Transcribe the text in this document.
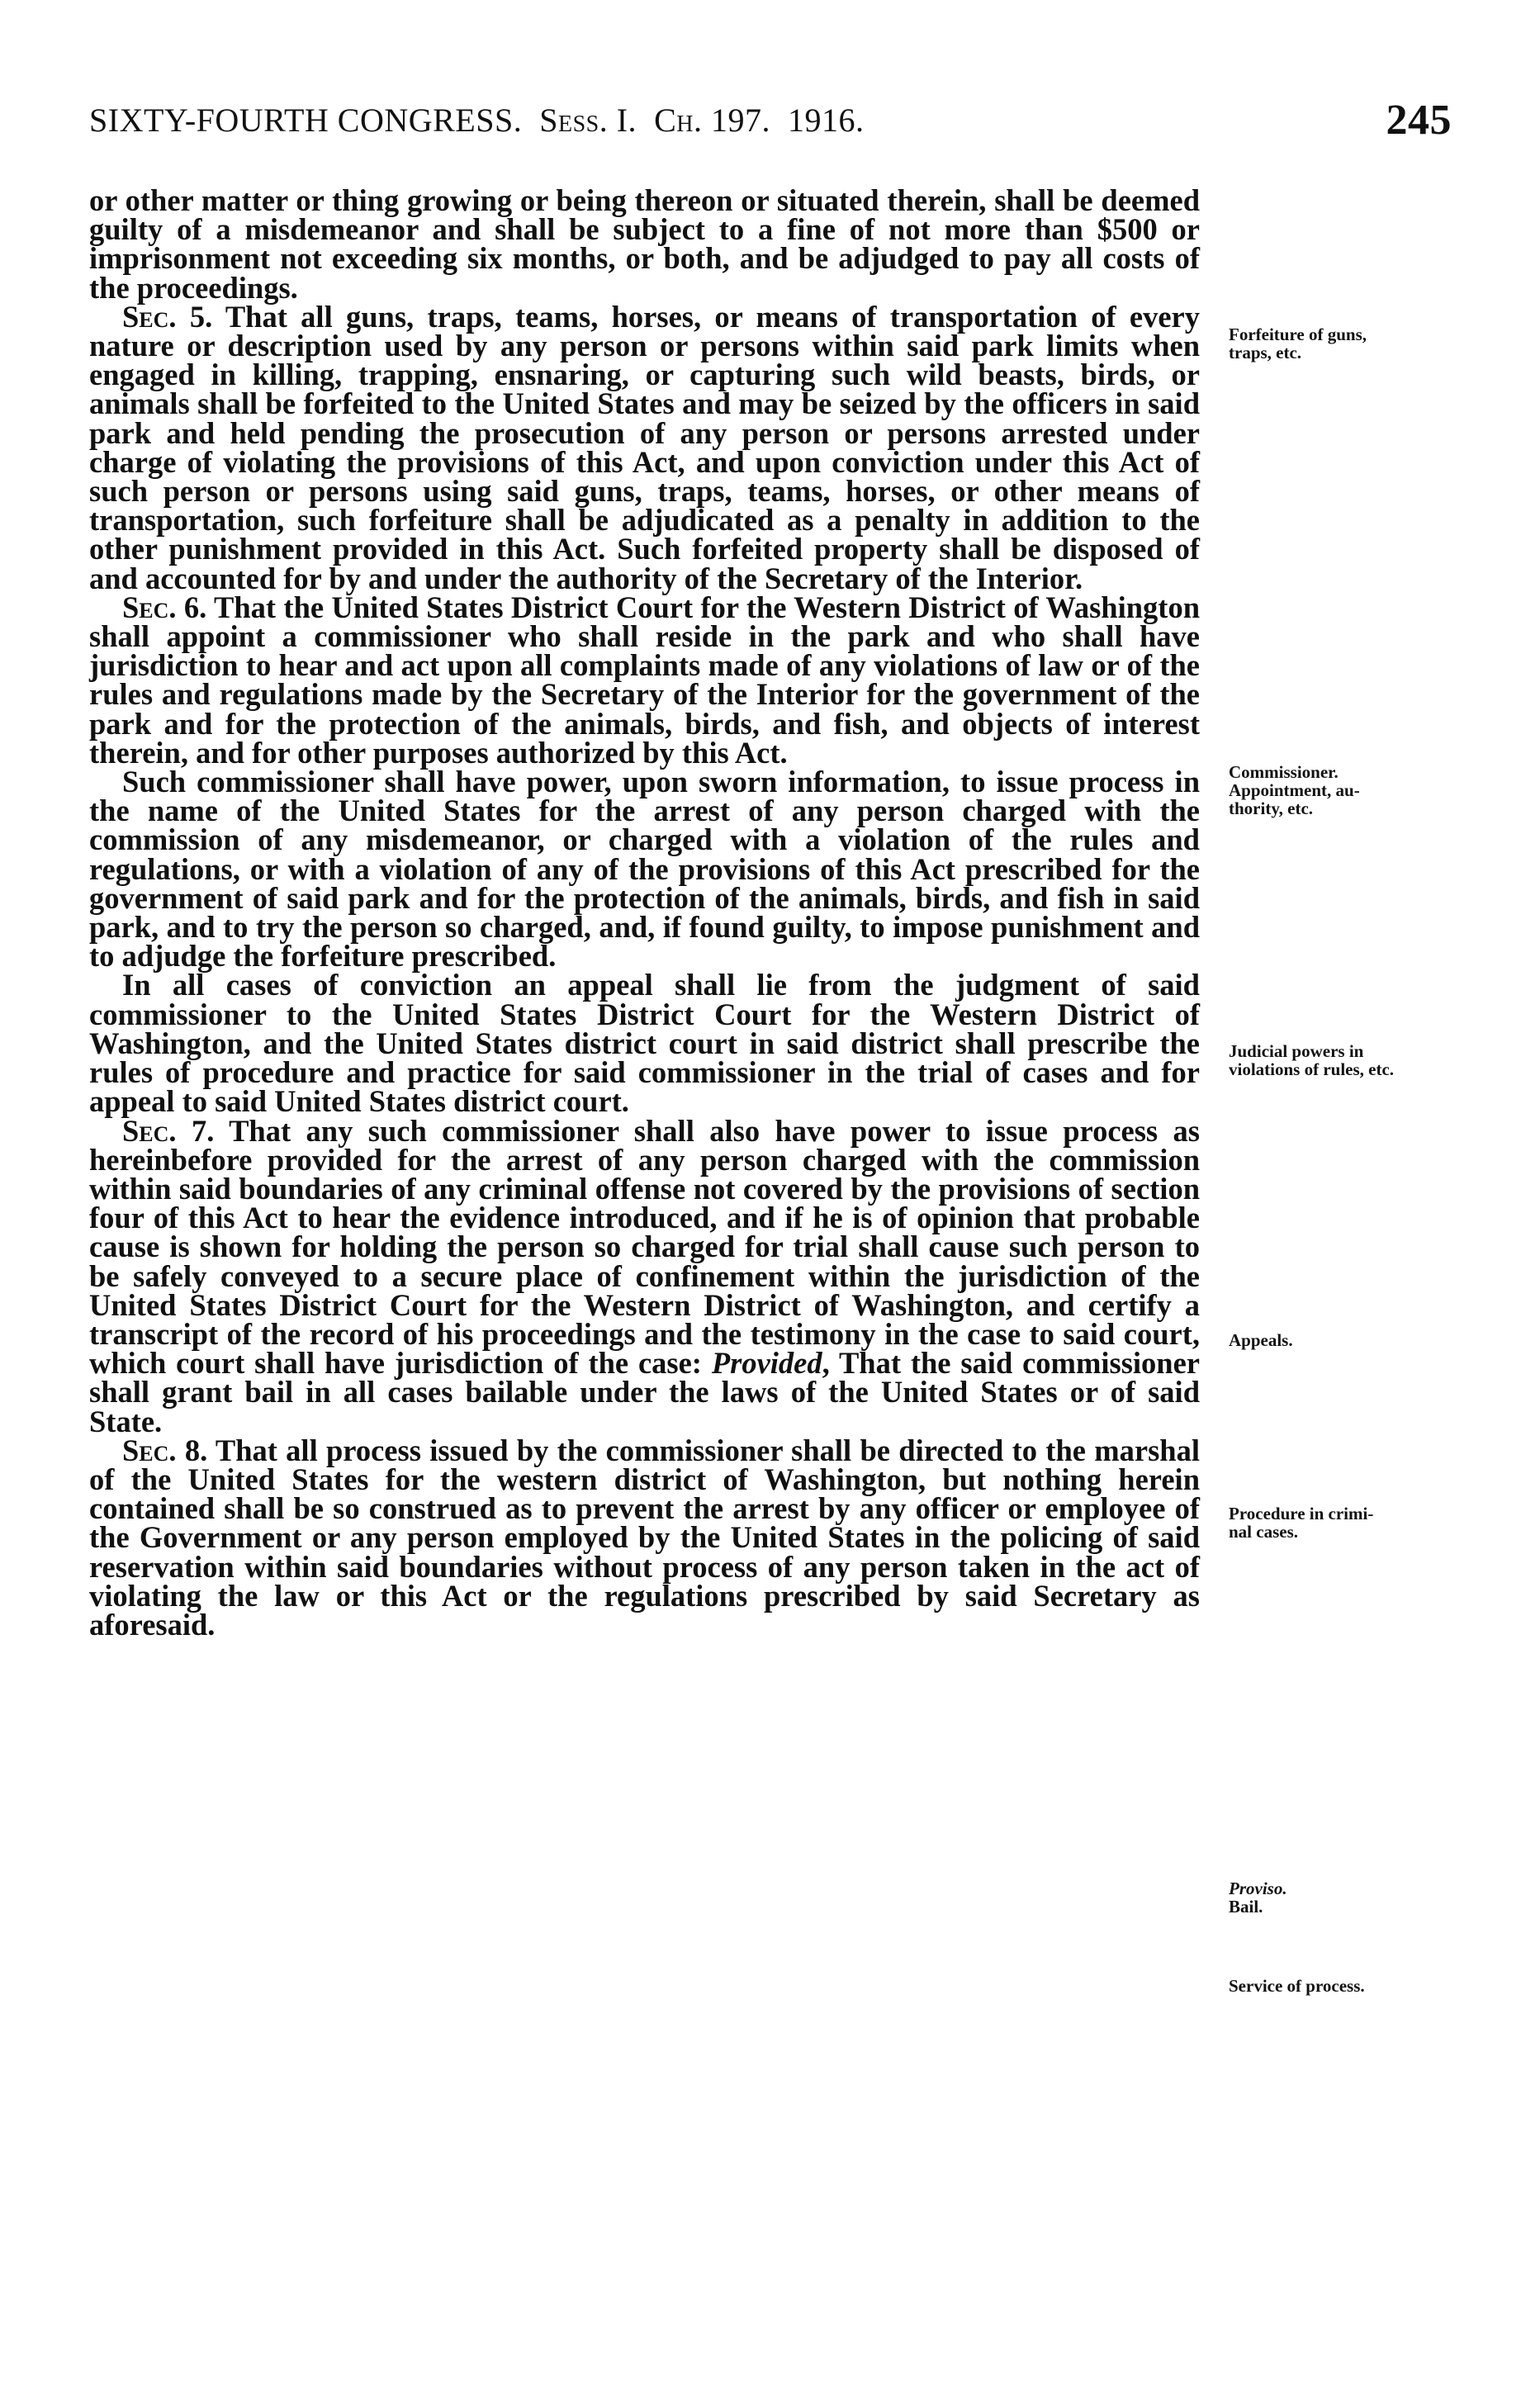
SIXTY-FOURTH CONGRESS. Sess. I. Ch. 197. 1916.	245

or other matter or thing growing or being thereon or situated therein, shall be deemed guilty of a misdemeanor and shall be subject to a fine of not more than $500 or imprisonment not exceeding six months, or both, and be adjudged to pay all costs of the proceedings.

Sec. 5. That all guns, traps, teams, horses, or means of transportation of every nature or description used by any person or persons within said park limits when engaged in killing, trapping, ensnaring, or capturing such wild beasts, birds, or animals shall be forfeited to the United States and may be seized by the officers in said park and held pending the prosecution of any person or persons arrested under charge of violating the provisions of this Act, and upon conviction under this Act of such person or persons using said guns, traps, teams, horses, or other means of transportation, such forfeiture shall be adjudicated as a penalty in addition to the other punishment provided in this Act. Such forfeited property shall be disposed of and accounted for by and under the authority of the Secretary of the Interior.

Sec. 6. That the United States District Court for the Western District of Washington shall appoint a commissioner who shall reside in the park and who shall have jurisdiction to hear and act upon all complaints made of any violations of law or of the rules and regulations made by the Secretary of the Interior for the government of the park and for the protection of the animals, birds, and fish, and objects of interest therein, and for other purposes authorized by this Act.

Such commissioner shall have power, upon sworn information, to issue process in the name of the United States for the arrest of any person charged with the commission of any misdemeanor, or charged with a violation of the rules and regulations, or with a violation of any of the provisions of this Act prescribed for the government of said park and for the protection of the animals, birds, and fish in said park, and to try the person so charged, and, if found guilty, to impose punishment and to adjudge the forfeiture prescribed.

In all cases of conviction an appeal shall lie from the judgment of said commissioner to the United States District Court for the Western District of Washington, and the United States district court in said district shall prescribe the rules of procedure and practice for said commissioner in the trial of cases and for appeal to said United States district court.

Sec. 7. That any such commissioner shall also have power to issue process as hereinbefore provided for the arrest of any person charged with the commission within said boundaries of any criminal offense not covered by the provisions of section four of this Act to hear the evidence introduced, and if he is of opinion that probable cause is shown for holding the person so charged for trial shall cause such person to be safely conveyed to a secure place of confinement within the jurisdiction of the United States District Court for the Western District of Washington, and certify a transcript of the record of his proceedings and the testimony in the case to said court, which court shall have jurisdiction of the case: Provided, That the said commissioner shall grant bail in all cases bailable under the laws of the United States or of said State.

Sec. 8. That all process issued by the commissioner shall be directed to the marshal of the United States for the western district of Washington, but nothing herein contained shall be so construed as to prevent the arrest by any officer or employee of the Government or any person employed by the United States in the policing of said reservation within said boundaries without process of any person taken in the act of violating the law or this Act or the regulations prescribed by said Secretary as aforesaid.

Forfeiture of guns,
traps, etc.
Commissioner.
Appointment, au-
thority, etc.
Judicial powers in
violations of rules, etc.
Appeals.
Procedure in crimi-
nal cases.
Proviso.
Bail.
Service of process.
